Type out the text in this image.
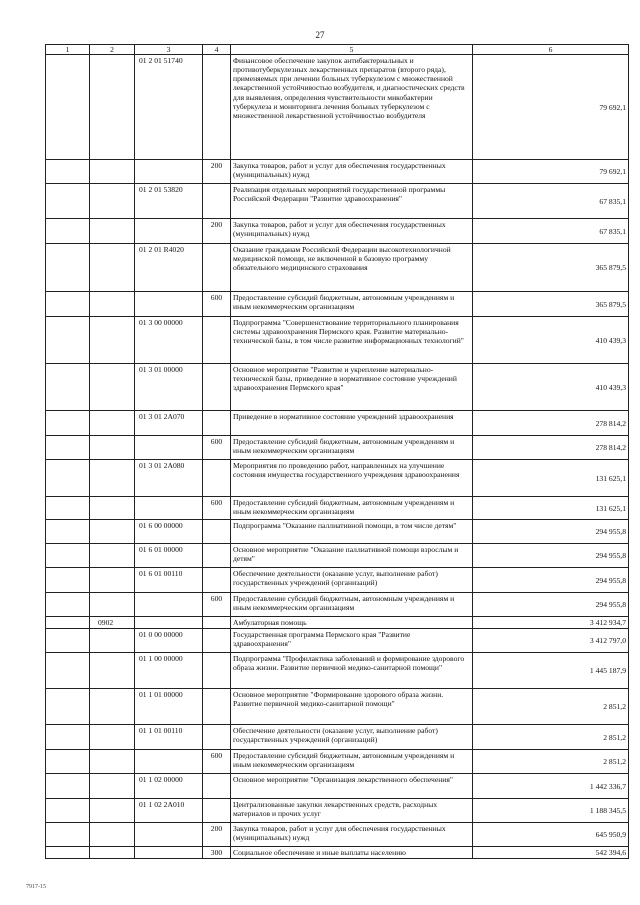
27
1	2	3	4	5	6
		01 2 01 51740		Финансовое обеспечение закупок антибактериальных и противотуберкулезных лекарственных препаратов (второго ряда), применяемых при лечении больных туберкулезом с множественной лекарственной устойчивостью возбудителя, и диагностических средств для выявления, определения чувствительности микобактерии туберкулеза и мониторинга лечения больных туберкулезом с множественной лекарственной устойчивостью возбудителя	79 692,1
			200	Закупка товаров, работ и услуг для обеспечения государственных (муниципальных) нужд	79 692,1
		01 2 01 53820		Реализация отдельных мероприятий государственной программы Российской Федерации "Развитие здравоохранения"	67 835,1
			200	Закупка товаров, работ и услуг для обеспечения государственных (муниципальных) нужд	67 835,1
		01 2 01 R4020		Оказание гражданам Российской Федерации высокотехнологичной медицинской помощи, не включенной в базовую программу обязательного медицинского страхования	365 879,5
			600	Предоставление субсидий бюджетным, автономным учреждениям и иным некоммерческим организациям	365 879,5
		01 3 00 00000		Подпрограмма "Совершенствование территориального планирования системы здравоохранения Пермского края. Развитие материально-технической базы, в том числе развитие информационных технологий"	410 439,3
		01 3 01 00000		Основное мероприятие "Развитие и укрепление материально-технической базы, приведение в нормативное состояние учреждений здравоохранения Пермского края"	410 439,3
		01 3 01 2А070		Приведение в нормативное состояние учреждений здравоохранения	278 814,2
			600	Предоставление субсидий бюджетным, автономным учреждениям и иным некоммерческим организациям	278 814,2
		01 3 01 2А080		Мероприятия по проведению работ, направленных на улучшение состояния имущества государственного учреждения здравоохранения	131 625,1
			600	Предоставление субсидий бюджетным, автономным учреждениям и иным некоммерческим организациям	131 625,1
		01 6 00 00000		Подпрограмма "Оказание паллиативной помощи, в том числе детям"	294 955,8
		01 6 01 00000		Основное мероприятие "Оказание паллиативной помощи взрослым и детям"	294 955,8
		01 6 01 00110		Обеспечение деятельности (оказание услуг, выполнение работ) государственных учреждений (организаций)	294 955,8
			600	Предоставление субсидий бюджетным, автономным учреждениям и иным некоммерческим организациям	294 955,8
	0902			Амбулаторная помощь	3 412 934,7
		01 0 00 00000		Государственная программа Пермского края "Развитие здравоохранения"	3 412 797,0
		01 1 00 00000		Подпрограмма "Профилактика заболеваний и формирование здорового образа жизни. Развитие первичной медико-санитарной помощи"	1 445 187,9
		01 1 01 00000		Основное мероприятие "Формирование здорового образа жизни. Развитие первичной медико-санитарной помощи"	2 851,2
		01 1 01 00110		Обеспечение деятельности (оказание услуг, выполнение работ) государственных учреждений (организаций)	2 851,2
			600	Предоставление субсидий бюджетным, автономным учреждениям и иным некоммерческим организациям	2 851,2
		01 1 02 00000		Основное мероприятие "Организация лекарственного обеспечения"	1 442 336,7
		01 1 02 2А010		Централизованные закупки лекарственных средств, расходных материалов и прочих услуг	1 188 345,5
			200	Закупка товаров, работ и услуг для обеспечения государственных (муниципальных) нужд	645 950,9
			300	Социальное обеспечение и иные выплаты населению	542 394,6
7917-15
